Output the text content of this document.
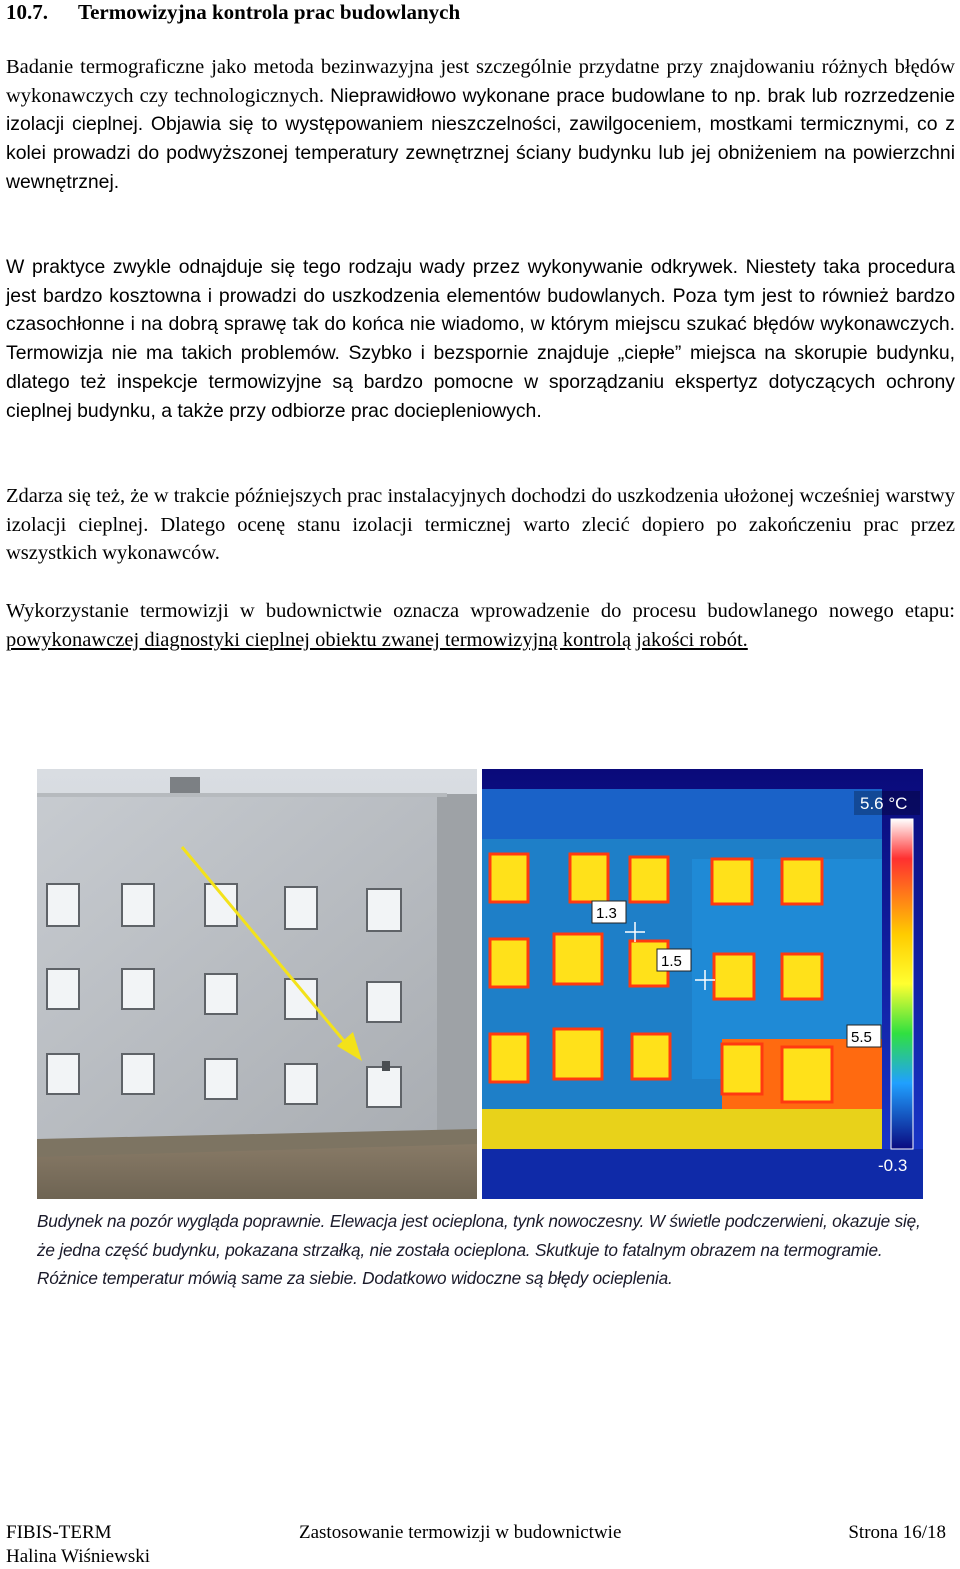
10.7. Termowizyjna kontrola prac budowlanych

Badanie termograficzne jako metoda bezinwazyjna jest szczególnie przydatne przy znajdowaniu różnych błędów wykonawczych czy technologicznych. Nieprawidłowo wykonane prace budowlane to np. brak lub rozrzedzenie izolacji cieplnej. Objawia się to występowaniem nieszczelności, zawilgoceniem, mostkami termicznymi, co z kolei prowadzi do podwyższonej temperatury zewnętrznej ściany budynku lub jej obniżeniem na powierzchni wewnętrznej.

W praktyce zwykle odnajduje się tego rodzaju wady przez wykonywanie odkrywek. Niestety taka procedura jest bardzo kosztowna i prowadzi do uszkodzenia elementów budowlanych. Poza tym jest to również bardzo czasochłonne i na dobrą sprawę tak do końca nie wiadomo, w którym miejscu szukać błędów wykonawczych. Termowizja nie ma takich problemów. Szybko i bezspornie znajduje „ciepłe” miejsca na skorupie budynku, dlatego też inspekcje termowizyjne są bardzo pomocne w sporządzaniu ekspertyz dotyczących ochrony cieplnej budynku, a także przy odbiorze prac dociepleniowych.

Zdarza się też, że w trakcie późniejszych prac instalacyjnych dochodzi do uszkodzenia ułożonej wcześniej warstwy izolacji cieplnej. Dlatego ocenę stanu izolacji termicznej warto zlecić dopiero po zakończeniu prac przez wszystkich wykonawców.

Wykorzystanie termowizji w budownictwie oznacza wprowadzenie do procesu budowlanego nowego etapu: powykonawczej diagnostyki cieplnej obiektu zwanej termowizyjną kontrolą jakości robót.

1.3
1.5
5.5
5.6 °C
-0.3
Budynek na pozór wygląda poprawnie. Elewacja jest ocieplona, tynk nowoczesny. W świetle podczerwieni, okazuje się,
że jedna część budynku, pokazana strzałką, nie została ocieplona. Skutkuje to fatalnym obrazem na termogramie.
Różnice temperatur mówią same za siebie. Dodatkowo widoczne są błędy ocieplenia.
FIBIS-TERM	Zastosowanie termowizji w budownictwie	Strona 16/18
Halina Wiśniewski
